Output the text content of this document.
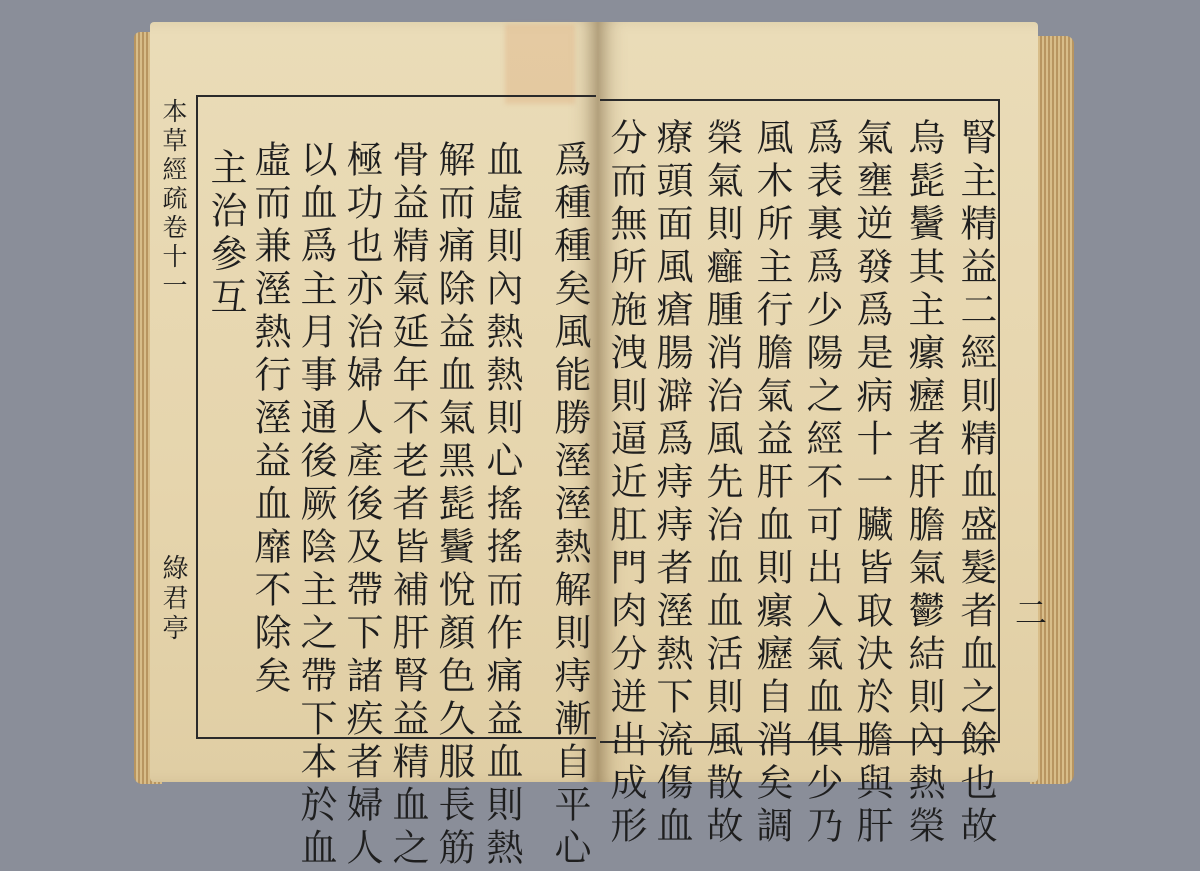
本草經疏卷十一
綠君亭
主治參互 虛而兼溼熱行溼益血靡不除矣 以血爲主月事通後厥陰主之帶下本於血 極功也亦治婦人產後及帶下諸疾者婦人 骨益精氣延年不老者皆補肝腎益精血之 解而痛除益血氣黑髭鬢悅顏色久服長筋 血虛則內熱熱則心搖搖而作痛益血則熱 爲種種矣風能勝溼溼熱解則痔漸自平心	腎主精益二經則精血盛髮者血之餘也故
烏髭鬢其主瘰癧者肝膽氣鬱結則內熱榮
氣壅逆發爲是病十一臟皆取決於膽與肝
爲表裏爲少陽之經不可出入氣血俱少乃
風木所主行膽氣益肝血則瘰癧自消矣調
榮氣則癰腫消治風先治血血活則風散故
療頭面風瘡腸澼爲痔痔者溼熱下流傷血
分而無所施洩則逼近肛門肉分迸出成形	二
